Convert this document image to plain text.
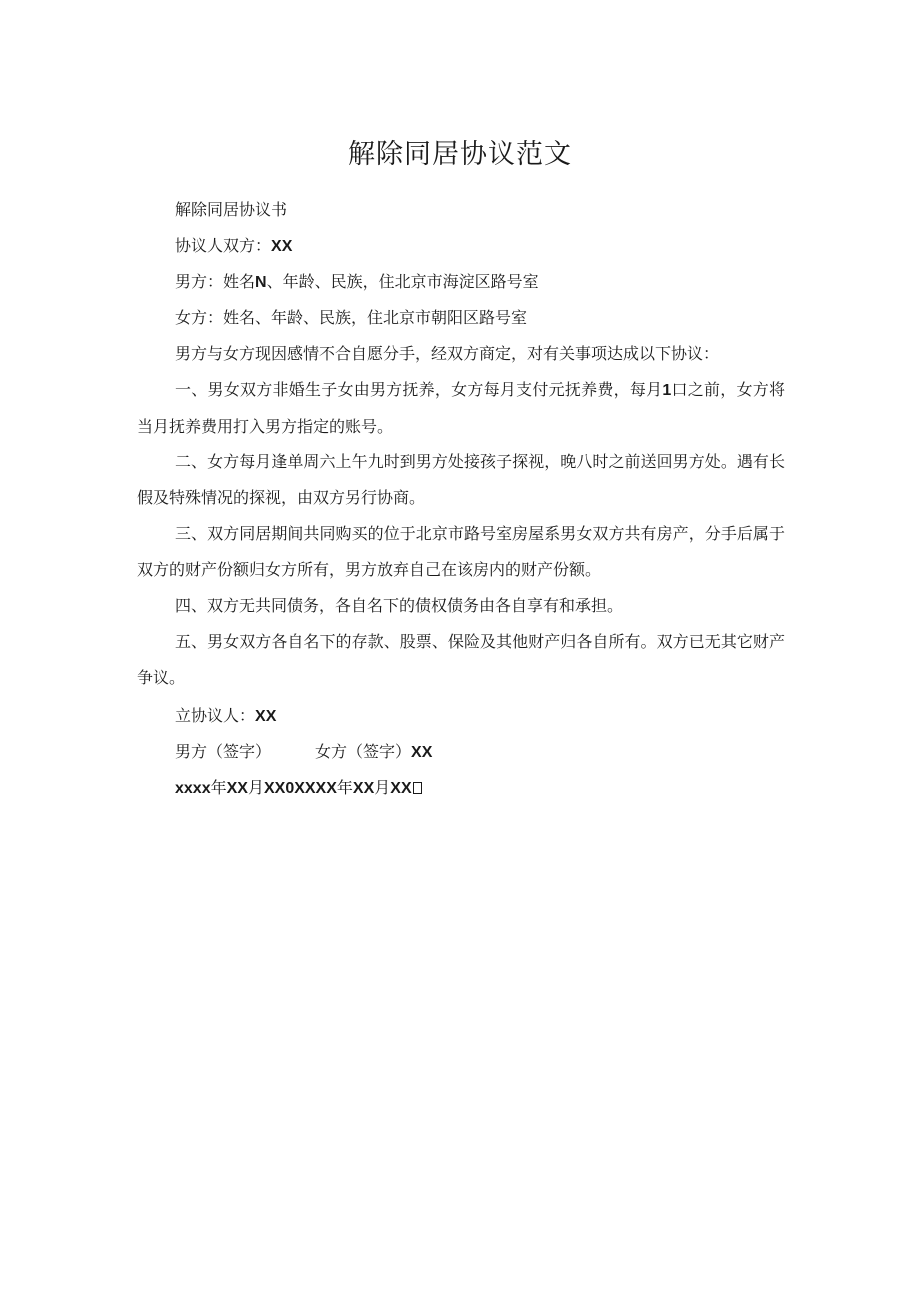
解除同居协议范文

解除同居协议书

协议人双方：XX

男方：姓名N、年龄、民族，住北京市海淀区路号室

女方：姓名、年龄、民族，住北京市朝阳区路号室

男方与女方现因感情不合自愿分手，经双方商定，对有关事项达成以下协议：

一、男女双方非婚生子女由男方抚养，女方每月支付元抚养费，每月1口之前，女方将当月抚养费用打入男方指定的账号。

二、女方每月逢单周六上午九时到男方处接孩子探视，晚八时之前送回男方处。遇有长假及特殊情况的探视，由双方另行协商。

三、双方同居期间共同购买的位于北京市路号室房屋系男女双方共有房产，分手后属于双方的财产份额归女方所有，男方放弃自己在该房内的财产份额。

四、双方无共同债务，各自名下的债权债务由各自享有和承担。

五、男女双方各自名下的存款、股票、保险及其他财产归各自所有。双方已无其它财产争议。

立协议人：XX

男方（签字）	女方（签字）XX

xxxx年XX月XX0XXXX年XX月XX
